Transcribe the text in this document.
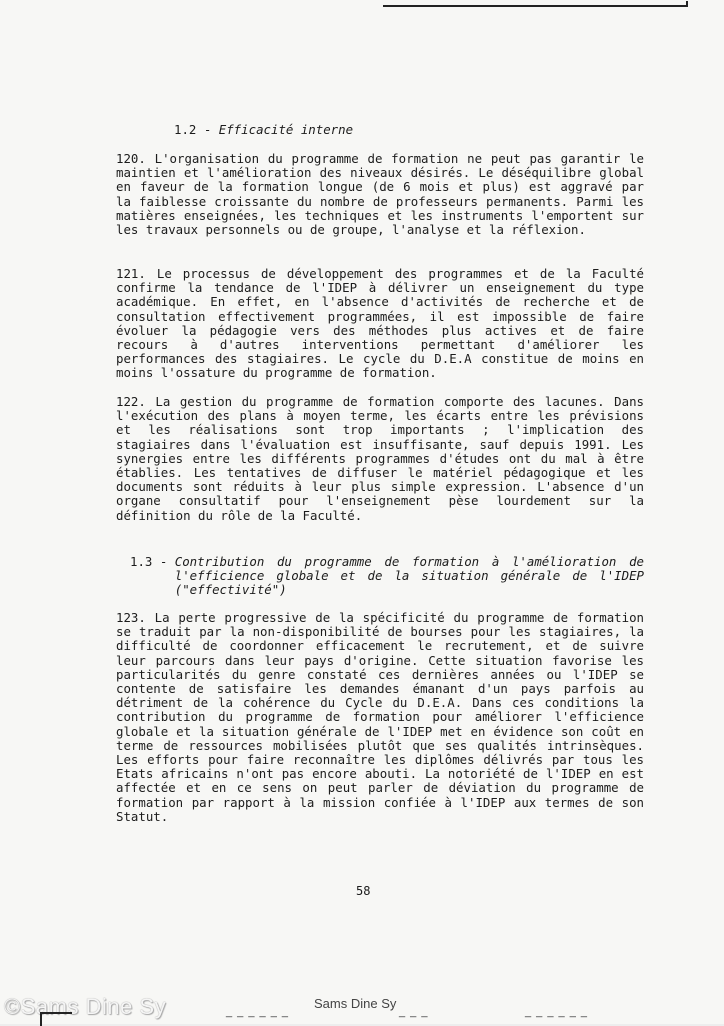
1.2 - Efficacité interne

120. L'organisation du programme de formation ne peut pas garantir le maintien et l'amélioration des niveaux désirés. Le déséquilibre global en faveur de la formation longue (de 6 mois et plus) est aggravé par la faiblesse croissante du nombre de professeurs permanents. Parmi les matières enseignées, les techniques et les instruments l'emportent sur les travaux personnels ou de groupe, l'analyse et la réflexion.

121. Le processus de développement des programmes et de la Faculté confirme la tendance de l'IDEP à délivrer un enseignement du type académique. En effet, en l'absence d'activités de recherche et de consultation effectivement programmées, il est impossible de faire évoluer la pédagogie vers des méthodes plus actives et de faire recours à d'autres interventions permettant d'améliorer les performances des stagiaires. Le cycle du D.E.A constitue de moins en moins l'ossature du programme de formation.

122. La gestion du programme de formation comporte des lacunes. Dans l'exécution des plans à moyen terme, les écarts entre les prévisions et les réalisations sont trop importants ; l'implication des stagiaires dans l'évaluation est insuffisante, sauf depuis 1991. Les synergies entre les différents programmes d'études ont du mal à être établies. Les tentatives de diffuser le matériel pédagogique et les documents sont réduits à leur plus simple expression. L'absence d'un organe consultatif pour l'enseignement pèse lourdement sur la définition du rôle de la Faculté.

1.3 - Contribution du programme de formation à l'amélioration de l'efficience globale et de la situation générale de l'IDEP ("effectivité")

123. La perte progressive de la spécificité du programme de formation se traduit par la non-disponibilité de bourses pour les stagiaires, la difficulté de coordonner efficacement le recrutement, et de suivre leur parcours dans leur pays d'origine. Cette situation favorise les particularités du genre constaté ces dernières années ou l'IDEP se contente de satisfaire les demandes émanant d'un pays parfois au détriment de la cohérence du Cycle du D.E.A. Dans ces conditions la contribution du programme de formation pour améliorer l'efficience globale et la situation générale de l'IDEP met en évidence son coût en terme de ressources mobilisées plutôt que ses qualités intrinsèques. Les efforts pour faire reconnaître les diplômes délivrés par tous les Etats africains n'ont pas encore abouti. La notoriété de l'IDEP en est affectée et en ce sens on peut parler de déviation du programme de formation par rapport à la mission confiée à l'IDEP aux termes de son Statut.

58
©Sams Dine Sy	_ _ _ _ _ _
Sams Dine Sy
_ _ _	_ _ _ _ _ _
